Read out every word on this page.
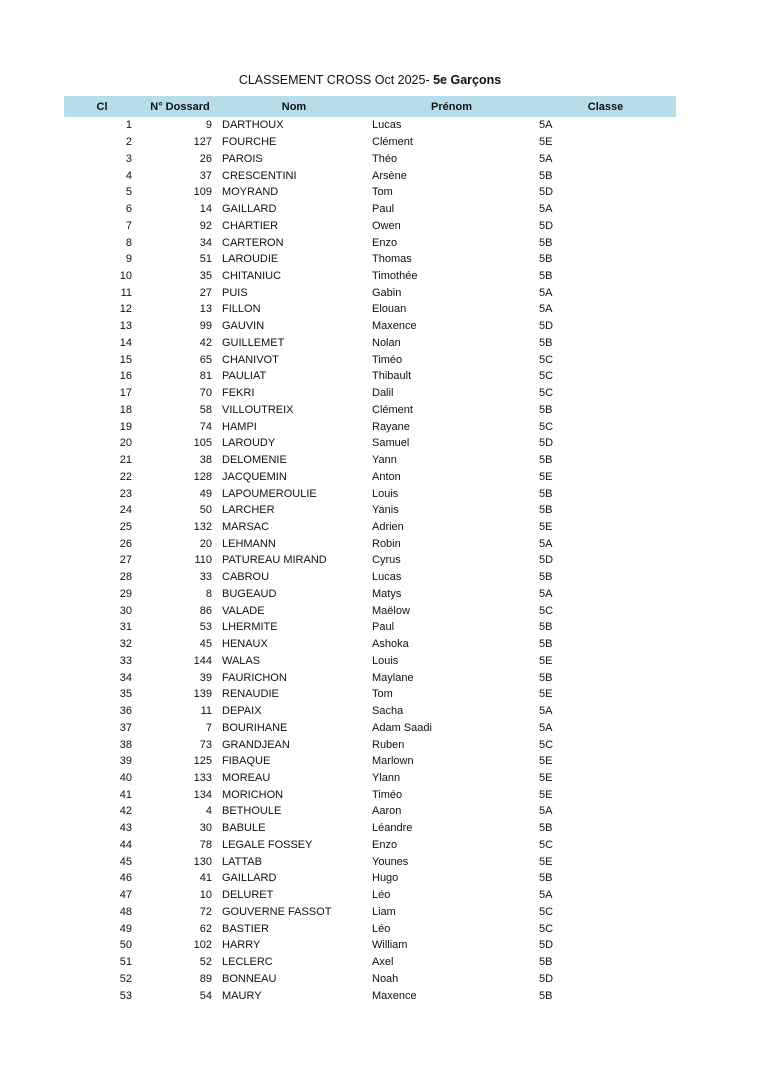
CLASSEMENT CROSS Oct 2025- 5e Garçons
Cl	N° Dossard	Nom	Prénom	Classe
1	9 DARTHOUX	Lucas	5A
2	127 FOURCHE	Clément	5E
3	26 PAROIS	Théo	5A
4	37 CRESCENTINI	Arsène	5B
5	109 MOYRAND	Tom	5D
6	14 GAILLARD	Paul	5A
7	92 CHARTIER	Owen	5D
8	34 CARTERON	Enzo	5B
9	51 LAROUDIE	Thomas	5B
10	35 CHITANIUC	Timothée	5B
11	27 PUIS	Gabin	5A
12	13 FILLON	Elouan	5A
13	99 GAUVIN	Maxence	5D
14	42 GUILLEMET	Nolan	5B
15	65 CHANIVOT	Timéo	5C
16	81 PAULIAT	Thibault	5C
17	70 FEKRI	Dalil	5C
18	58 VILLOUTREIX	Clément	5B
19	74 HAMPI	Rayane	5C
20	105 LAROUDY	Samuel	5D
21	38 DELOMENIE	Yann	5B
22	128 JACQUEMIN	Anton	5E
23	49 LAPOUMEROULIE	Louis	5B
24	50 LARCHER	Yanis	5B
25	132 MARSAC	Adrien	5E
26	20 LEHMANN	Robin	5A
27	110 PATUREAU MIRAND	Cyrus	5D
28	33 CABROU	Lucas	5B
29	8 BUGEAUD	Matys	5A
30	86 VALADE	Maëlow	5C
31	53 LHERMITE	Paul	5B
32	45 HENAUX	Ashoka	5B
33	144 WALAS	Louis	5E
34	39 FAURICHON	Maylane	5B
35	139 RENAUDIE	Tom	5E
36	11 DEPAIX	Sacha	5A
37	7 BOURIHANE	Adam Saadi	5A
38	73 GRANDJEAN	Ruben	5C
39	125 FIBAQUE	Marlown	5E
40	133 MOREAU	Ylann	5E
41	134 MORICHON	Timéo	5E
42	4 BETHOULE	Aaron	5A
43	30 BABULE	Léandre	5B
44	78 LEGALE FOSSEY	Enzo	5C
45	130 LATTAB	Younes	5E
46	41 GAILLARD	Hugo	5B
47	10 DELURET	Léo	5A
48	72 GOUVERNE FASSOT	Liam	5C
49	62 BASTIER	Léo	5C
50	102 HARRY	William	5D
51	52 LECLERC	Axel	5B
52	89 BONNEAU	Noah	5D
53	54 MAURY	Maxence	5B
